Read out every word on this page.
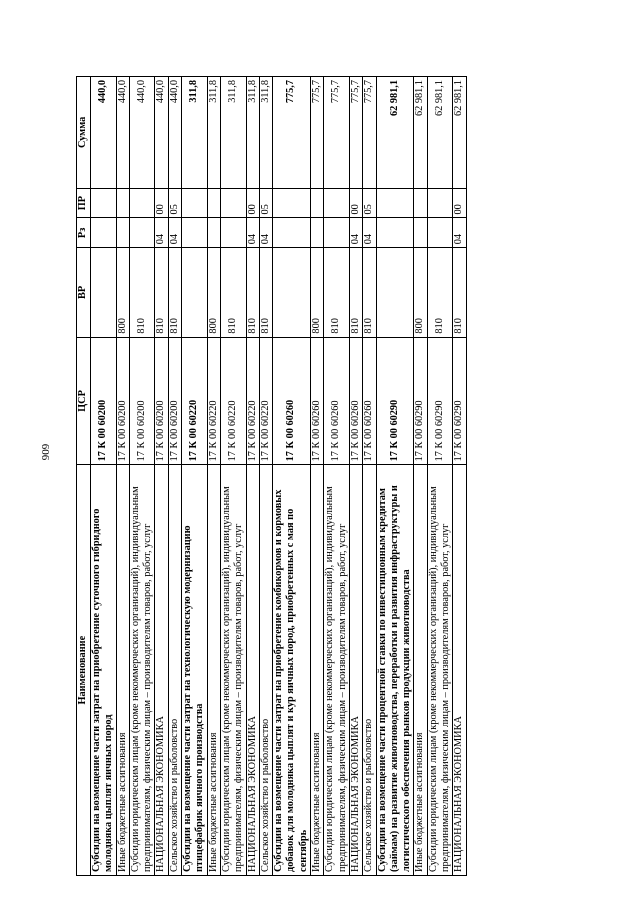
606
Наименование	ЦСР	ВР	Рз	ПР	Сумма
Субсидии на возмещение части затрат на приобретение суточного гибридного молодняка цыплят яичных пород	17 К 00 60200				440,0
Иные бюджетные ассигнования	17 К 00 60200	800			440,0
Субсидии юридическим лицам (кроме некоммерческих организаций), индивидуальным предпринимателям, физическим лицам – производителям товаров, работ, услуг	17 К 00 60200	810			440,0
НАЦИОНАЛЬНАЯ ЭКОНОМИКА	17 К 00 60200	810	04	00	440,0
Сельское хозяйство и рыболовство	17 К 00 60200	810	04	05	440,0
Субсидии на возмещение части затрат на технологическую модернизацию птицефабрик яичного производства	17 К 00 60220				311,8
Иные бюджетные ассигнования	17 К 00 60220	800			311,8
Субсидии юридическим лицам (кроме некоммерческих организаций), индивидуальным предпринимателям, физическим лицам – производителям товаров, работ, услуг	17 К 00 60220	810			311,8
НАЦИОНАЛЬНАЯ ЭКОНОМИКА	17 К 00 60220	810	04	00	311,8
Сельское хозяйство и рыболовство	17 К 00 60220	810	04	05	311,8
Субсидии на возмещение части затрат на приобретение комбикормов и кормовых добавок для молодняка цыплят и кур яичных пород, приобретенных с мая по сентябрь	17 К 00 60260				775,7
Иные бюджетные ассигнования	17 К 00 60260	800			775,7
Субсидии юридическим лицам (кроме некоммерческих организаций), индивидуальным предпринимателям, физическим лицам – производителям товаров, работ, услуг	17 К 00 60260	810			775,7
НАЦИОНАЛЬНАЯ ЭКОНОМИКА	17 К 00 60260	810	04	00	775,7
Сельское хозяйство и рыболовство	17 К 00 60260	810	04	05	775,7
Субсидии на возмещение части процентной ставки по инвестиционным кредитам (займам) на развитие животноводства, переработки и развития инфраструктуры и логистического обеспечения рынков продукции животноводства	17 К 00 60290				62 981,1
Иные бюджетные ассигнования	17 К 00 60290	800			62 981,1
Субсидии юридическим лицам (кроме некоммерческих организаций), индивидуальным предпринимателям, физическим лицам – производителям товаров, работ, услуг	17 К 00 60290	810			62 981,1
НАЦИОНАЛЬНАЯ ЭКОНОМИКА	17 К 00 60290	810	04	00	62 981,1
